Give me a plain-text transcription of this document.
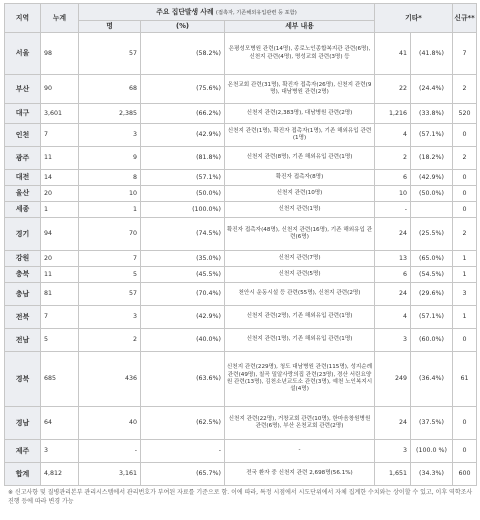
지역	누계	주요 집단발생 사례 (접촉자, 기존해외유입관련 등 포함)			기타*		신규**
		명	(%)	세부 내용			
서울	98	57	(58.2%)	은평성모병원 관련(14명), 종로노인종합복지관 관련(6명), 신천지 관련(4명), 명성교회 관련(3명) 등	41	(41.8%)	7
부산	90	68	(75.6%)	온천교회 관련(31명), 확진자 접촉자(26명), 신천지 관련(9명), 대남병원 관련(2명)	22	(24.4%)	2
대구	3,601	2,385	(66.2%)	신천지 관련(2,383명), 대남병원 관련(2명)	1,216	(33.8%)	520
인천	7	3	(42.9%)	신천지 관련(1명), 확진자 접촉자(1명), 기존 해외유입 관련(1명)	4	(57.1%)	0
광주	11	9	(81.8%)	신천지 관련(8명), 기존 해외유입 관련(1명)	2	(18.2%)	2
대전	14	8	(57.1%)	확진자 접촉자(8명)	6	(42.9%)	0
울산	20	10	(50.0%)	신천지 관련(10명)	10	(50.0%)	0
세종	1	1	(100.0%)	신천지 관련(1명)	-		0
경기	94	70	(74.5%)	확진자 접촉자(48명), 신천지 관련(16명), 기존 해외유입 관련(6명)	24	(25.5%)	2
강원	20	7	(35.0%)	신천지 관련(7명)	13	(65.0%)	1
충북	11	5	(45.5%)	신천지 관련(5명)	6	(54.5%)	1
충남	81	57	(70.4%)	천안시 운동시설 등 관련(55명), 신천지 관련(2명)	24	(29.6%)	3
전북	7	3	(42.9%)	신천지 관련(2명), 기존 해외유입 관련(1명)	4	(57.1%)	1
전남	5	2	(40.0%)	신천지 관련(1명), 기존 해외유입 관련(1명)	3	(60.0%)	0
경북	685	436	(63.6%)	신천지 관련(229명), 청도 대남병원 관련(115명), 성지순례 관련(49명), 칠곡 밀알사랑의집 관련(23명), 경산 서린요양원 관련(13명), 김천소년교도소 관련(3명), 예천 노인복지시설(4명)	249	(36.4%)	61
경남	64	40	(62.5%)	신천지 관련(22명), 거창교회 관련(10명), 한마음창원병원 관련(6명), 부산 온천교회 관련(2명)	24	(37.5%)	0
제주	3	-	-	-	3	(100.0 %)	0
합계	4,812	3,161	(65.7%)	전국 환자 중 신천지 관련 2,698명(56.1%)	1,651	(34.3%)	600
※ 신고사항 및 질병관리본부 관리시스템에서 관리번호가 부여된 자료를 기준으로 함. 이에 따라, 특정 시점에서 시도단위에서 자체 집계한 수치와는 상이할 수 있고, 이후 역학조사 진행 등에 따라 변경 가능
